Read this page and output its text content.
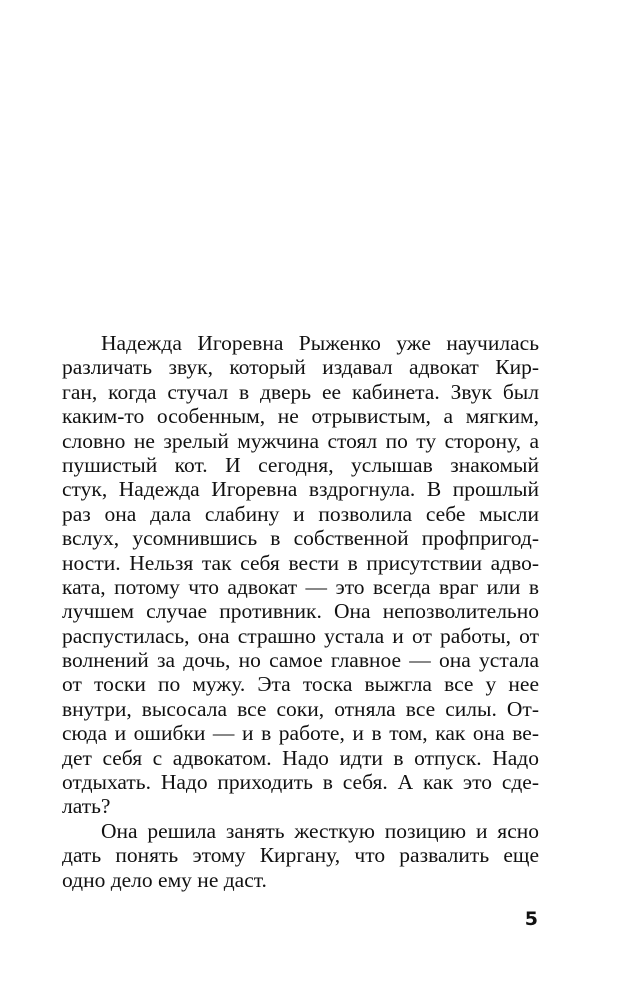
Надежда Игоревна Рыженко уже научилась
различать звук, который издавал адвокат Кир-
ган, когда стучал в дверь ее кабинета. Звук был
каким-то особенным, не отрывистым, а мягким,
словно не зрелый мужчина стоял по ту сторону, а
пушистый кот. И сегодня, услышав знакомый
стук, Надежда Игоревна вздрогнула. В прошлый
раз она дала слабину и позволила себе мысли
вслух, усомнившись в собственной профпригод-
ности. Нельзя так себя вести в присутствии адво-
ката, потому что адвокат — это всегда враг или в
лучшем случае противник. Она непозволительно
распустилась, она страшно устала и от работы, от
волнений за дочь, но самое главное — она устала
от тоски по мужу. Эта тоска выжгла все у нее
внутри, высосала все соки, отняла все силы. От-
сюда и ошибки — и в работе, и в том, как она ве-
дет себя с адвокатом. Надо идти в отпуск. Надо
отдыхать. Надо приходить в себя. А как это сде-
лать?
Она решила занять жесткую позицию и ясно
дать понять этому Киргану, что развалить еще
одно дело ему не даст.
5
